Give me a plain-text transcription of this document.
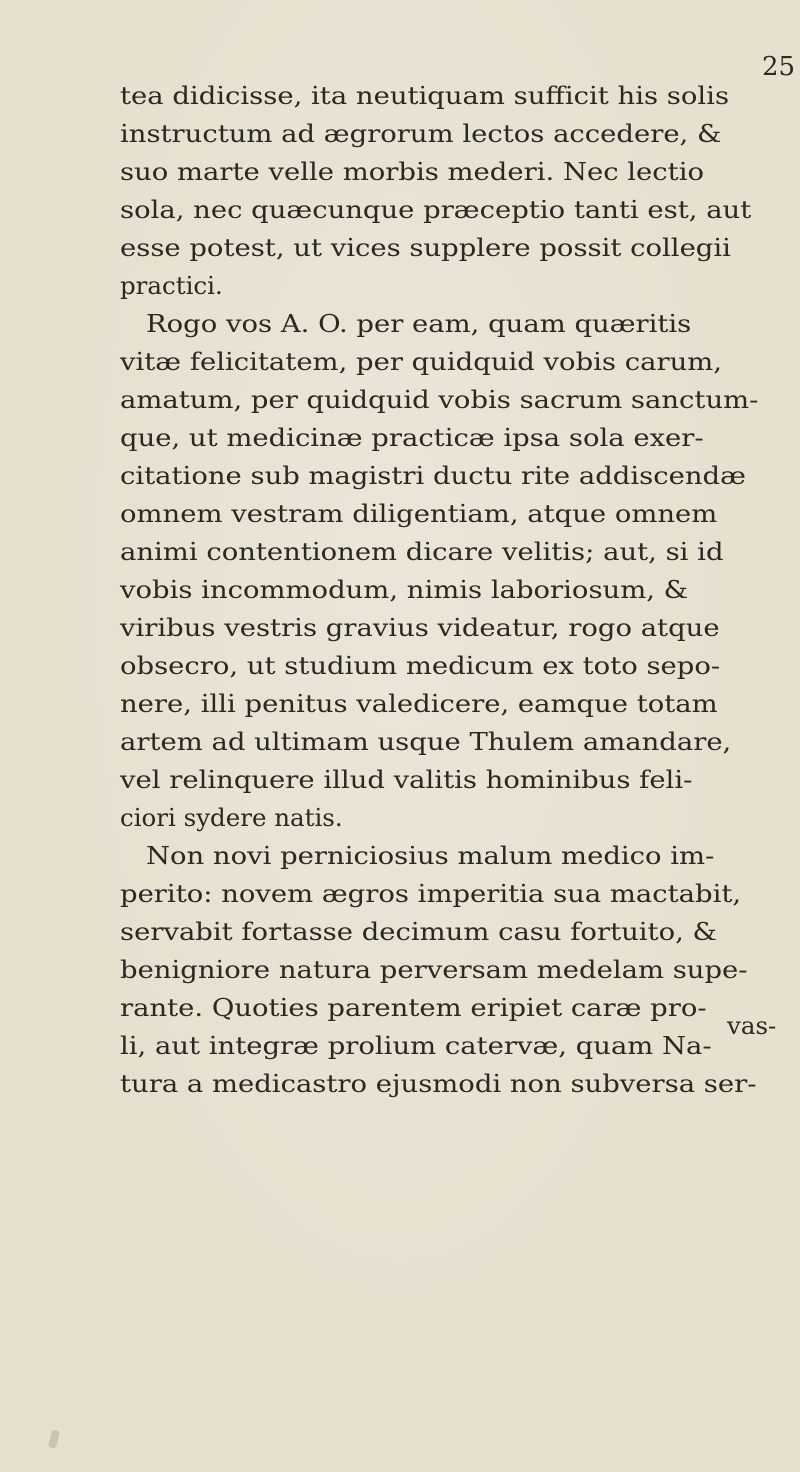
25
tea didicisse, ita neutiquam sufficit his solis
instructum ad ægrorum lectos accedere, &
suo marte velle morbis mederi. Nec lectio
sola, nec quæcunque præceptio tanti est, aut
esse potest, ut vices supplere possit collegii
practici.
Rogo vos A. O. per eam, quam quæritis
vitæ felicitatem, per quidquid vobis carum,
amatum, per quidquid vobis sacrum sanctum-
que, ut medicinæ practicæ ipsa sola exer-
citatione sub magistri ductu rite addiscendæ
omnem vestram diligentiam, atque omnem
animi contentionem dicare velitis; aut, si id
vobis incommodum, nimis laboriosum, &
viribus vestris gravius videatur, rogo atque
obsecro, ut studium medicum ex toto sepo-
nere, illi penitus valedicere, eamque totam
artem ad ultimam usque Thulem amandare,
vel relinquere illud valitis hominibus feli-
ciori sydere natis.
Non novi perniciosius malum medico im-
perito: novem ægros imperitia sua mactabit,
servabit fortasse decimum casu fortuito, &
benigniore natura perversam medelam supe-
rante. Quoties parentem eripiet caræ pro-
li, aut integræ prolium catervæ, quam Na-
tura a medicastro ejusmodi non subversa ser-
vas-
